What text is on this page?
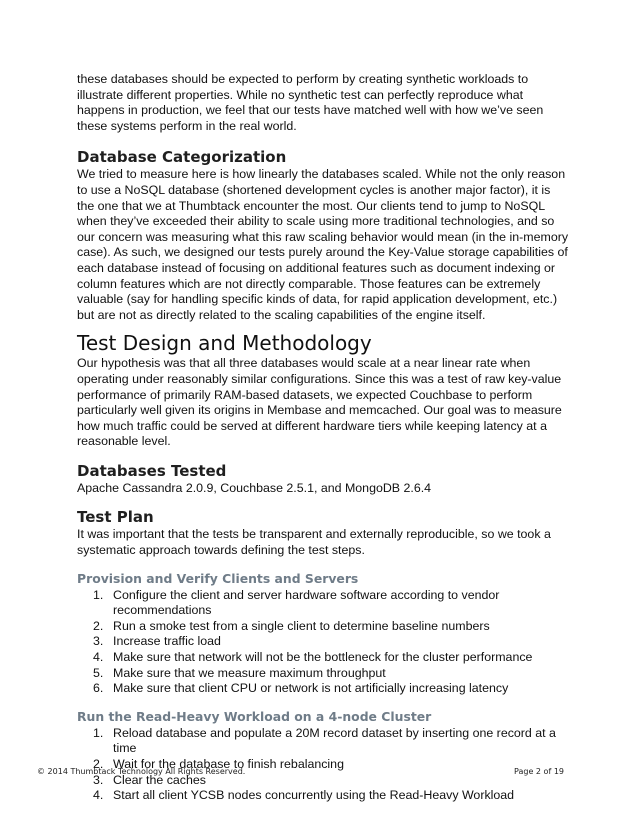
these databases should be expected to perform by creating synthetic workloads to illustrate different properties. While no synthetic test can perfectly reproduce what happens in production, we feel that our tests have matched well with how we’ve seen these systems perform in the real world.

Database Categorization

We tried to measure here is how linearly the databases scaled. While not the only reason to use a NoSQL database (shortened development cycles is another major factor), it is the one that we at Thumbtack encounter the most. Our clients tend to jump to NoSQL when they’ve exceeded their ability to scale using more traditional technologies, and so our concern was measuring what this raw scaling behavior would mean (in the in-memory case). As such, we designed our tests purely around the Key-Value storage capabilities of each database instead of focusing on additional features such as document indexing or column features which are not directly comparable. Those features can be extremely valuable (say for handling specific kinds of data, for rapid application development, etc.) but are not as directly related to the scaling capabilities of the engine itself.

Test Design and Methodology

Our hypothesis was that all three databases would scale at a near linear rate when operating under reasonably similar configurations. Since this was a test of raw key-value performance of primarily RAM-based datasets, we expected Couchbase to perform particularly well given its origins in Membase and memcached. Our goal was to measure how much traffic could be served at different hardware tiers while keeping latency at a reasonable level.

Databases Tested

Apache Cassandra 2.0.9, Couchbase 2.5.1, and MongoDB 2.6.4

Test Plan

It was important that the tests be transparent and externally reproducible, so we took a systematic approach towards defining the test steps.

Provision and Verify Clients and Servers
1. Configure the client and server hardware software according to vendor recommendations
2. Run a smoke test from a single client to determine baseline numbers
3. Increase traffic load
4. Make sure that network will not be the bottleneck for the cluster performance
5. Make sure that we measure maximum throughput
6. Make sure that client CPU or network is not artificially increasing latency
Run the Read-Heavy Workload on a 4-node Cluster
1. Reload database and populate a 20M record dataset by inserting one record at a time
2. Wait for the database to finish rebalancing
3. Clear the caches
4. Start all client YCSB nodes concurrently using the Read-Heavy Workload
© 2014 Thumbtack Technology All Rights Reserved.	Page 2 of 19
